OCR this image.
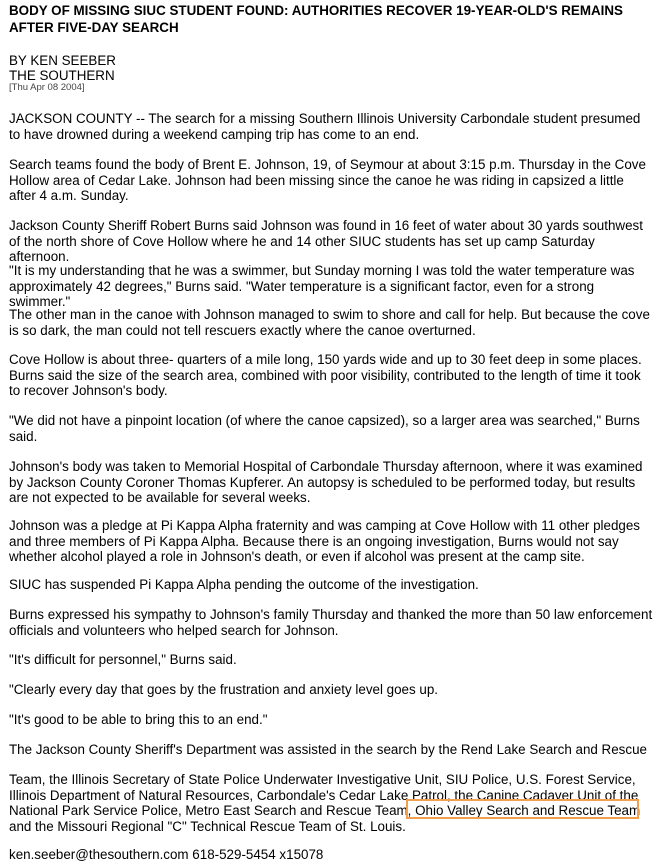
BODY OF MISSING SIUC STUDENT FOUND: AUTHORITIES RECOVER 19-YEAR-OLD'S REMAINS AFTER FIVE-DAY SEARCH
BY KEN SEEBER
THE SOUTHERN
[Thu Apr 08 2004]

JACKSON COUNTY -- The search for a missing Southern Illinois University Carbondale student presumed to have drowned during a weekend camping trip has come to an end.

Search teams found the body of Brent E. Johnson, 19, of Seymour at about 3:15 p.m. Thursday in the Cove Hollow area of Cedar Lake. Johnson had been missing since the canoe he was riding in capsized a little after 4 a.m. Sunday.

Jackson County Sheriff Robert Burns said Johnson was found in 16 feet of water about 30 yards southwest of the north shore of Cove Hollow where he and 14 other SIUC students has set up camp Saturday afternoon.

"It is my understanding that he was a swimmer, but Sunday morning I was told the water temperature was approximately 42 degrees," Burns said. "Water temperature is a significant factor, even for a strong swimmer."

The other man in the canoe with Johnson managed to swim to shore and call for help. But because the cove is so dark, the man could not tell rescuers exactly where the canoe overturned.

Cove Hollow is about three- quarters of a mile long, 150 yards wide and up to 30 feet deep in some places. Burns said the size of the search area, combined with poor visibility, contributed to the length of time it took to recover Johnson's body.

"We did not have a pinpoint location (of where the canoe capsized), so a larger area was searched," Burns said.

Johnson's body was taken to Memorial Hospital of Carbondale Thursday afternoon, where it was examined by Jackson County Coroner Thomas Kupferer. An autopsy is scheduled to be performed today, but results are not expected to be available for several weeks.

Johnson was a pledge at Pi Kappa Alpha fraternity and was camping at Cove Hollow with 11 other pledges and three members of Pi Kappa Alpha. Because there is an ongoing investigation, Burns would not say whether alcohol played a role in Johnson's death, or even if alcohol was present at the camp site.

SIUC has suspended Pi Kappa Alpha pending the outcome of the investigation.

Burns expressed his sympathy to Johnson's family Thursday and thanked the more than 50 law enforcement officials and volunteers who helped search for Johnson.

"It's difficult for personnel," Burns said.

"Clearly every day that goes by the frustration and anxiety level goes up.

"It's good to be able to bring this to an end."

The Jackson County Sheriff's Department was assisted in the search by the Rend Lake Search and Rescue

Team, the Illinois Secretary of State Police Underwater Investigative Unit, SIU Police, U.S. Forest Service, Illinois Department of Natural Resources, Carbondale's Cedar Lake Patrol, the Canine Cadaver Unit of the National Park Service Police, Metro East Search and Rescue Team, Ohio Valley Search and Rescue Team and the Missouri Regional "C" Technical Rescue Team of St. Louis.

ken.seeber@thesouthern.com 618-529-5454 x15078
